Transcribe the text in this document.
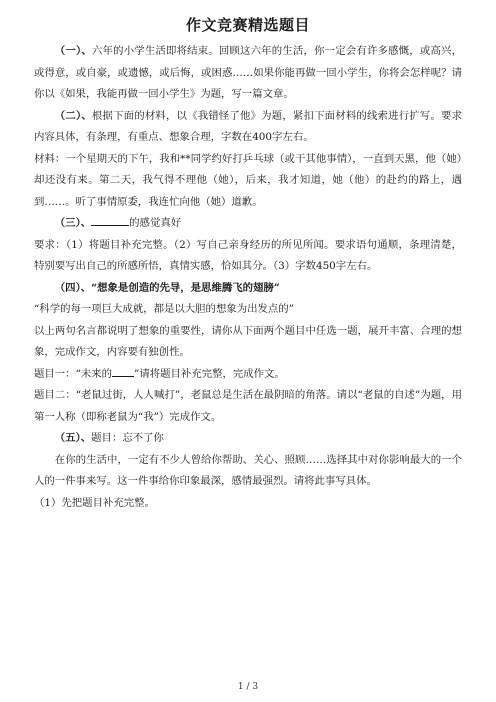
作文竞赛精选题目

（一）、六年的小学生活即将结束。回顾这六年的生活，你一定会有许多感慨，或高兴，或得意，或自豪，或遗憾，或后悔，或困惑……如果你能再做一回小学生，你将会怎样呢？请你以《如果，我能再做一回小学生》为题，写一篇文章。

（二）、根据下面的材料，以《我错怪了他》为题，紧扣下面材料的线索进行扩写。要求内容具体，有条理，有重点、想象合理，字数在400字左右。

材料：一个星期天的下午，我和**同学约好打乒乓球（或干其他事情），一直到天黑，他（她）却还没有来。第二天，我气得不理他（她），后来，我才知道，她（他）的赴约的路上，遇到……。听了事情原委，我连忙向他（她）道歉。

（三）、	的感觉真好

要求：（1）将题目补充完整。（2）写自己亲身经历的所见所闻。要求语句通顺，条理清楚，特别要写出自己的所感所悟，真情实感，恰如其分。（3）字数450字左右。

（四）、“想象是创造的先导，是思维腾飞的翅膀”

“科学的每一项巨大成就，都是以大胆的想象为出发点的”

以上两句名言都说明了想象的重要性，请你从下面两个题目中任选一题，展开丰富、合理的想象，完成作文，内容要有独创性。

题目一：“未来的 ”请将题目补充完整，完成作文。

题目二：“老鼠过街，人人喊打”，老鼠总是生活在最阴暗的角落。请以“老鼠的自述”为题，用第一人称（即称老鼠为“我”）完成作文。

（五）、题目：忘不了你

在你的生活中，一定有不少人曾给你帮助、关心、照顾……选择其中对你影响最大的一个人的一件事来写。这一件事给你印象最深，感情最强烈。请将此事写具体。

（1）先把题目补充完整。

1 / 3
